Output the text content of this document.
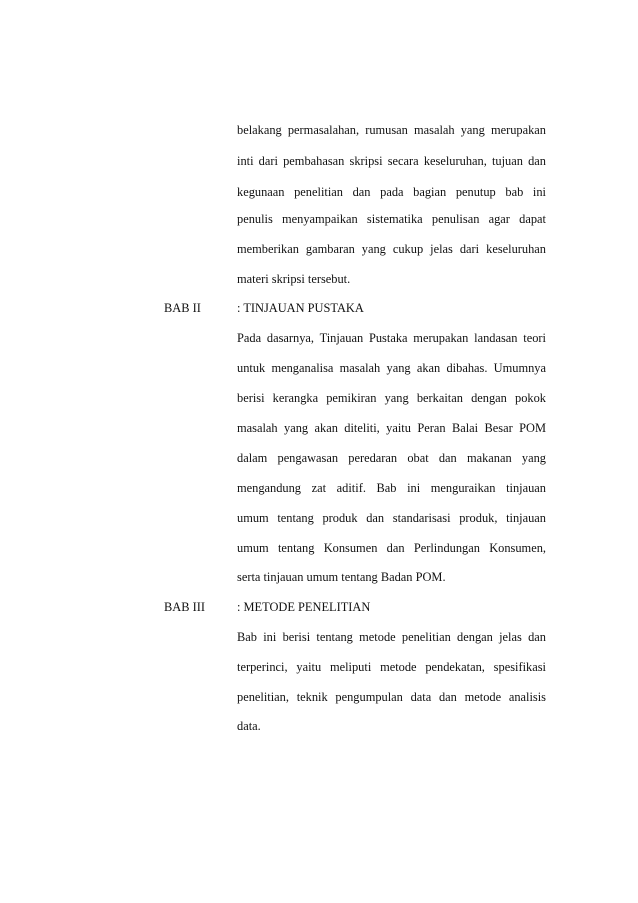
belakang permasalahan, rumusan masalah yang merupakan
inti dari pembahasan skripsi secara keseluruhan, tujuan dan
kegunaan penelitian dan pada bagian penutup bab ini
penulis menyampaikan sistematika penulisan agar dapat
memberikan gambaran yang cukup jelas dari keseluruhan
materi skripsi tersebut.
BAB II	: TINJAUAN PUSTAKA
Pada dasarnya, Tinjauan Pustaka merupakan landasan teori
untuk menganalisa masalah yang akan dibahas. Umumnya
berisi kerangka pemikiran yang berkaitan dengan pokok
masalah yang akan diteliti, yaitu Peran Balai Besar POM
dalam pengawasan peredaran obat dan makanan yang
mengandung zat aditif. Bab ini menguraikan tinjauan
umum tentang produk dan standarisasi produk, tinjauan
umum tentang Konsumen dan Perlindungan Konsumen,
serta tinjauan umum tentang Badan POM.
BAB III	: METODE PENELITIAN
Bab ini berisi tentang metode penelitian dengan jelas dan
terperinci, yaitu meliputi metode pendekatan, spesifikasi
penelitian, teknik pengumpulan data dan metode analisis
data.
